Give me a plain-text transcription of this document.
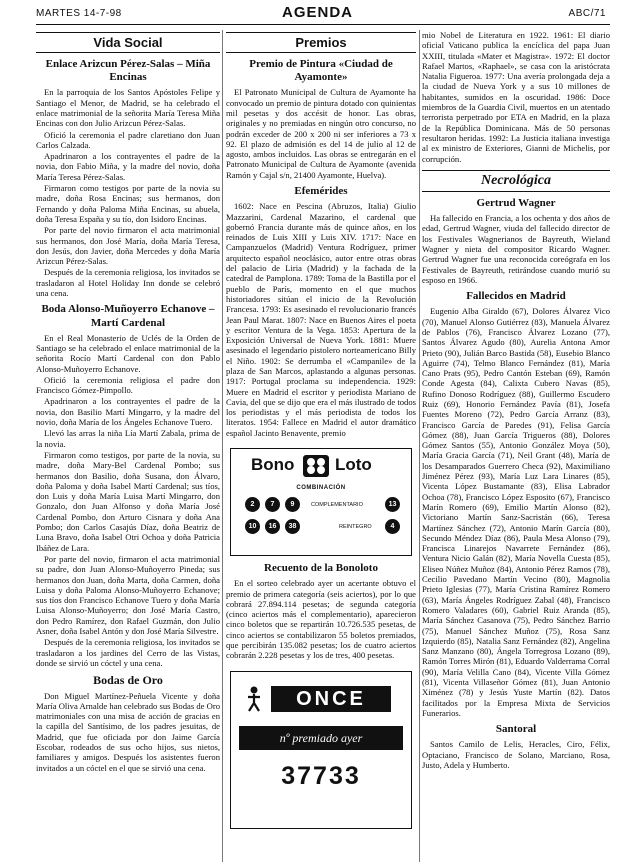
MARTES 14-7-98	AGENDA	ABC/71
Vida Social
Enlace Arizcun Pérez-Salas – Miña Encinas

En la parroquia de los Santos Apóstoles Felipe y Santiago el Menor, de Madrid, se ha celebrado el enlace matrimonial de la señorita María Teresa Miña Encinas con don Julio Arizcun Pérez-Salas.

Ofició la ceremonia el padre claretiano don Juan Carlos Calzada.

Apadrinaron a los contrayentes el padre de la novia, don Fabio Miña, y la madre del novio, doña María Teresa Pérez-Salas.

Firmaron como testigos por parte de la novia su madre, doña Rosa Encinas; sus hermanos, don Fernando y doña Paloma Miña Encinas, su abuela, doña Teresa España y su tío, don Isidoro Encinas.

Por parte del novio firmaron el acta matrimonial sus hermanos, don José María, doña María Teresa, don Jesús, don Javier, doña Mercedes y doña María Arizcun Pérez-Salas.

Después de la ceremonia religiosa, los invitados se trasladaron al Hotel Holiday Inn donde se celebró una cena.

Boda Alonso-Muñoyerro Echanove – Martí Cardenal

En el Real Monasterio de Uclés de la Orden de Santiago se ha celebrado el enlace matrimonial de la señorita Rocío Martí Cardenal con don Pablo Alonso-Muñoyerro Echanove.

Ofició la ceremonia religiosa el padre don Francisco Gómez-Pimpollo.

Apadrinaron a los contrayentes el padre de la novia, don Basilio Martí Mingarro, y la madre del novio, doña María de los Ángeles Echanove Tuero.

Llevó las arras la niña Lía Martí Zabala, prima de la novia.

Firmaron como testigos, por parte de la novia, su madre, doña Mary-Bel Cardenal Pombo; sus hermanos don Basilio, doña Susana, don Álvaro, doña Paloma y doña Isabel Martí Cardenal; sus tíos, don Luis y doña María Luisa Martí Mingarro, don Gonzalo, don Juan Alfonso y doña María José Cardenal Pombo, don Arturo Cisnara y doña Ana Pombo; don Carlos Casajús Díaz, doña Beatriz de Luna Bravo, doña Isabel Otri Ochoa y doña Patricia Ibáñez de Lara.

Por parte del novio, firmaron el acta matrimonial su padre, don Juan Alonso-Muñoyerro Pineda; sus hermanos don Juan, doña Marta, doña Carmen, doña Luisa y doña Paloma Alonso-Muñoyerro Echanove; sus tíos don Francisco Echanove Tuero y doña María Luisa Alonso-Muñoyerro; don José María Castro, don Pedro Ramírez, don Rafael Guzmán, don Julio Asner, doña Isabel Antón y don José María Silvestre.

Después de la ceremonia religiosa, los invitados se trasladaron a los jardines del Cerro de las Vistas, donde se sirvió un cóctel y una cena.

Bodas de Oro

Don Miguel Martínez-Peñuela Vicente y doña María Oliva Arnalde han celebrado sus Bodas de Oro matrimoniales con una misa de acción de gracias en la capilla del Santísimo, de los padres jesuitas, de Madrid, que fue oficiada por don Jaime García Escobar, rodeados de sus ocho hijos, sus nietos, familiares y amigos. Después los asistentes fueron invitados a un cóctel en el que se sirvió una cena.

Premios
Premio de Pintura «Ciudad de Ayamonte»

El Patronato Municipal de Cultura de Ayamonte ha convocado un premio de pintura dotado con quinientas mil pesetas y dos accésit de honor. Las obras, originales y no premiadas en ningún otro concurso, no podrán exceder de 200 x 200 ni ser inferiores a 73 x 92. El plazo de admisión es del 14 de julio al 12 de agosto, ambos incluidos. Las obras se entregarán en el Patronato Municipal de Cultura de Ayamonte (avenida Ramón y Cajal s/n, 21400 Ayamonte, Huelva).

Efemérides

1602: Nace en Pescina (Abruzos, Italia) Giulio Mazzarini, Cardenal Mazarino, el cardenal que gobernó Francia durante más de quince años, en los reinados de Luis XIII y Luis XIV. 1717: Nace en Campanzuelos (Madrid) Ventura Rodríguez, primer arquitecto español neoclásico, autor entre otras obras del palacio de Liria (Madrid) y la fachada de la catedral de Pamplona. 1789: Toma de la Bastilla por el pueblo de París, momento en el que muchos historiadores sitúan el inicio de la Revolución Francesa. 1793: Es asesinado el revolucionario francés Jean Paul Marat. 1807: Nace en Buenos Aires el poeta y escritor Ventura de la Vega. 1853: Apertura de la Exposición Universal de Nueva York. 1881: Muere asesinado el legendario pistolero norteamericano Billy el Niño. 1902: Se derrumba el «Campanile» de la plaza de San Marcos, aplastando a algunas personas. 1917: Portugal proclama su independencia. 1929: Muere en Madrid el escritor y periodista Mariano de Cavia, del que se dijo que era el más ilustrado de todos los periodistas y el más periodista de todos los literatos. 1954: Fallece en Madrid el autor dramático español Jacinto Benavente, premio

Bono Loto
COMBINACIÓN
2	7	9	COMPLEMENTARIO	13
10	16	38	REINTEGRO	4
Recuento de la Bonoloto

En el sorteo celebrado ayer un acertante obtuvo el premio de primera categoría (seis aciertos), por lo que cobrará 27.894.114 pesetas; de segunda categoría (cinco aciertos más el complementario), aparecieron cinco boletos que se repartirán 10.726.535 pesetas, de cinco aciertos se contabilizaron 55 boletos premiados, que percibirán 135.082 pesetas; los de cuatro aciertos cobrarán 2.228 pesetas y los de tres, 400 pesetas.

ONCE
nº premiado ayer
37733

mio Nobel de Literatura en 1922. 1961: El diario oficial Vaticano publica la encíclica del papa Juan XXIII, titulada «Mater et Magistra». 1972: El doctor Rafael Martos, «Raphael», se casa con la aristócrata Natalia Figueroa. 1977: Una avería prolongada deja a la ciudad de Nueva York y a sus 10 millones de habitantes, sumidos en la oscuridad. 1986: Doce miembros de la Guardia Civil, muertos en un atentado terrorista perpetrado por ETA en Madrid, en la plaza de la República Dominicana. Más de 50 personas resultaron heridas. 1992: La Justicia italiana investiga al ex ministro de Exteriores, Gianni de Michelis, por corrupción.

Necrológica
Gertrud Wagner

Ha fallecido en Francia, a los ochenta y dos años de edad, Gertrud Wagner, viuda del fallecido director de los Festivales Wagnerianos de Bayreuth, Wieland Wagner y nieta del compositor Ricardo Wagner. Gertrud Wagner fue una reconocida coreógrafa en los Festivales de Bayreuth, retirándose cuando murió su esposo en 1966.

Fallecidos en Madrid

Eugenio Alba Giraldo (67), Dolores Álvarez Vico (70), Manuel Alonso Gutiérrez (83), Manuela Álvarez de Pablos (76), Francisco Álvarez Lozano (77), Santos Álvarez Agudo (80), Aurelia Antona Amor Prieto (90), Julián Barco Bastida (58), Eusebio Blanco Aguirre (74), Telmo Blanco Fernández (81), María Cano Prats (95), Pedro Cantón Esteban (69), Ramón Conde Agesta (84), Calixta Cubero Navas (85), Rufino Donoso Rodríguez (88), Guillermo Escudero Ruiz (69), Honorio Fernández Pavía (81), Josefa Fuentes Moreno (72), Pedro García Arranz (83), Francisco García de Paredes (91), Felisa García Gómez (88), Juan García Trigueros (88), Dolores Gómez Santos (55), Antonio González Moya (50), María Gracia García (71), Neil Grant (48), María de los Desamparados Guerrero Checa (92), Maximiliano Jiménez Pérez (93), María Luz Lara Linares (85), Vicenta López Bustamante (83), Elisa Labrador Ochoa (78), Francisco López Esposito (67), Francisco Marín Romero (69), Emilio Martín Alonso (82), Victoriano Martín Sanz-Sacristán (66), Teresa Martínez Sánchez (72), Antonio Marín García (80), Secundo Méndez Díaz (86), Paula Mesa Alonso (79), Francisca Linarejos Navarrete Fernández (86), Ventura Nicio Galán (82), María Novella Cuesta (85), Eliseo Núñez Muñoz (84), Antonio Pérez Ramos (78), Cecilio Pavedano Martín Vecino (80), Magnolia Prieto Iglesias (77), María Cristina Ramírez Romero (63), María Ángeles Rodríguez Zabal (48), Francisco Romero Valadares (60), Gabriel Ruiz Aranda (85), María Sánchez Casanova (75), Pedro Sánchez Barrio (75), Manuel Sánchez Muñoz (75), Rosa Sanz Izquierdo (85), Natalia Sanz Fernández (82), Angelina Sanz Manzano (80), Ángela Torregrosa Lozano (89), Ramón Torres Mirón (81), Eduardo Valderrama Corral (90), María Velilla Cano (84), Vicente Villa Gómez (81), Vicenta Villaseñor Gómez (81), Juan Antonio Ximénez (78) y Jesús Yuste Martín (82). Datos facilitados por la Empresa Mixta de Servicios Funerarios.

Santoral

Santos Camilo de Lelis, Heracles, Ciro, Félix, Optaciano, Francisco de Solano, Marciano, Rosa, Justo, Adela y Humberto.
